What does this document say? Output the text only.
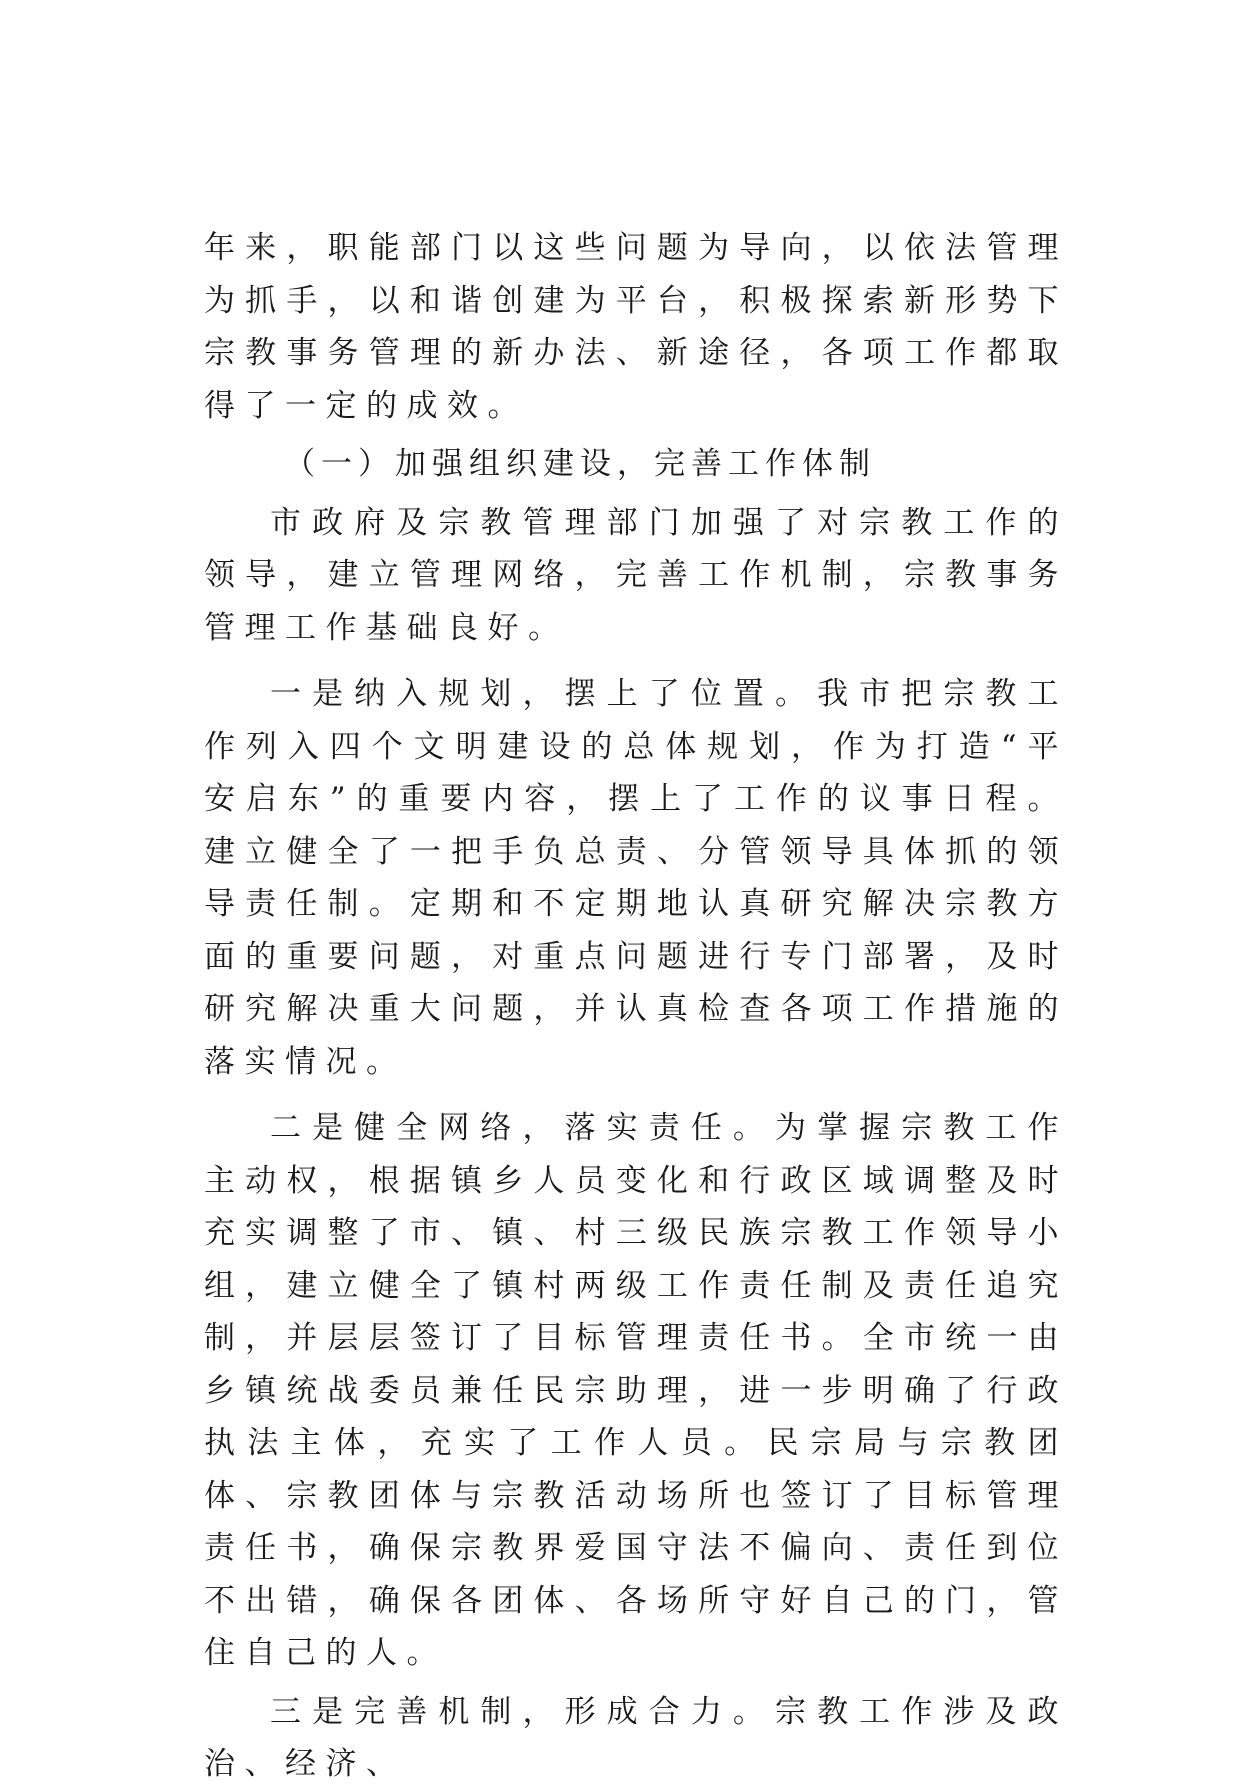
年来，职能部门以这些问题为导向，以依法管理为抓手，以和谐创建为平台，积极探索新形势下宗教事务管理的新办法、新途径，各项工作都取得了一定的成效。

（一）加强组织建设，完善工作体制

市政府及宗教管理部门加强了对宗教工作的领导，建立管理网络，完善工作机制，宗教事务管理工作基础良好。

一是纳入规划，摆上了位置。我市把宗教工作列入四个文明建设的总体规划，作为打造“平安启东”的重要内容，摆上了工作的议事日程。建立健全了一把手负总责、分管领导具体抓的领导责任制。定期和不定期地认真研究解决宗教方面的重要问题，对重点问题进行专门部署，及时研究解决重大问题，并认真检查各项工作措施的落实情况。

二是健全网络，落实责任。为掌握宗教工作主动权，根据镇乡人员变化和行政区域调整及时充实调整了市、镇、村三级民族宗教工作领导小组，建立健全了镇村两级工作责任制及责任追究制，并层层签订了目标管理责任书。全市统一由乡镇统战委员兼任民宗助理，进一步明确了行政执法主体，充实了工作人员。民宗局与宗教团体、宗教团体与宗教活动场所也签订了目标管理责任书，确保宗教界爱国守法不偏向、责任到位不出错，确保各团体、各场所守好自己的门，管住自己的人。

三是完善机制，形成合力。宗教工作涉及政治、经济、
